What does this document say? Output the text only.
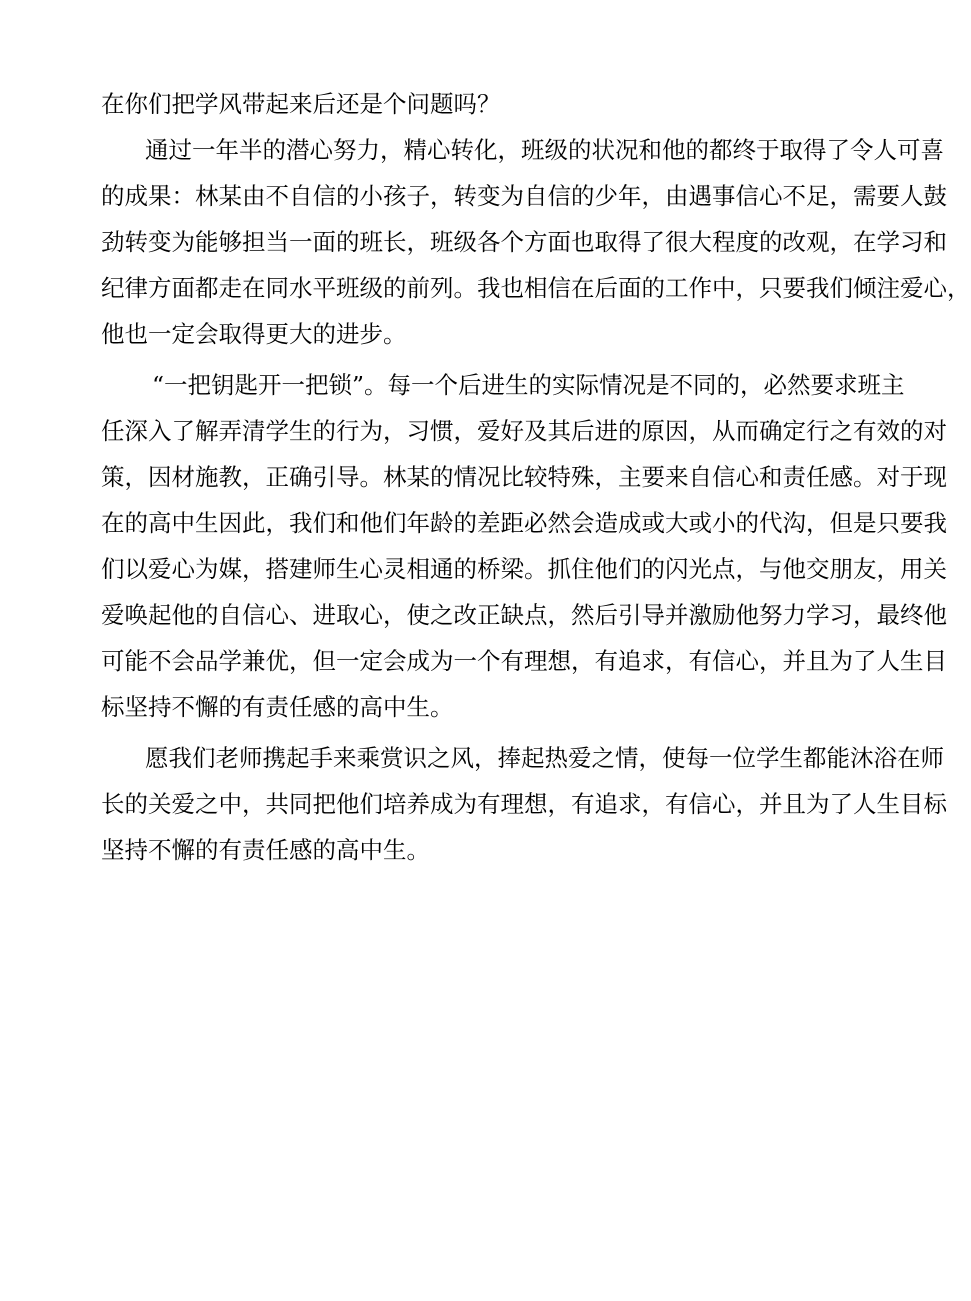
在你们把学风带起来后还是个问题吗？
通过一年半的潜心努力，精心转化，班级的状况和他的都终于取得了令人可喜
的成果：林某由不自信的小孩子，转变为自信的少年，由遇事信心不足，需要人鼓
劲转变为能够担当一面的班长，班级各个方面也取得了很大程度的改观，在学习和
纪律方面都走在同水平班级的前列。我也相信在后面的工作中，只要我们倾注爱心，
他也一定会取得更大的进步。
“一把钥匙开一把锁”。每一个后进生的实际情况是不同的，必然要求班主
任深入了解弄清学生的行为，习惯，爱好及其后进的原因，从而确定行之有效的对
策，因材施教，正确引导。林某的情况比较特殊，主要来自信心和责任感。对于现
在的高中生因此，我们和他们年龄的差距必然会造成或大或小的代沟，但是只要我
们以爱心为媒，搭建师生心灵相通的桥梁。抓住他们的闪光点，与他交朋友，用关
爱唤起他的自信心、进取心，使之改正缺点，然后引导并激励他努力学习，最终他
可能不会品学兼优，但一定会成为一个有理想，有追求，有信心，并且为了人生目
标坚持不懈的有责任感的高中生。
愿我们老师携起手来乘赏识之风，捧起热爱之情，使每一位学生都能沐浴在师
长的关爱之中，共同把他们培养成为有理想，有追求，有信心，并且为了人生目标
坚持不懈的有责任感的高中生。
